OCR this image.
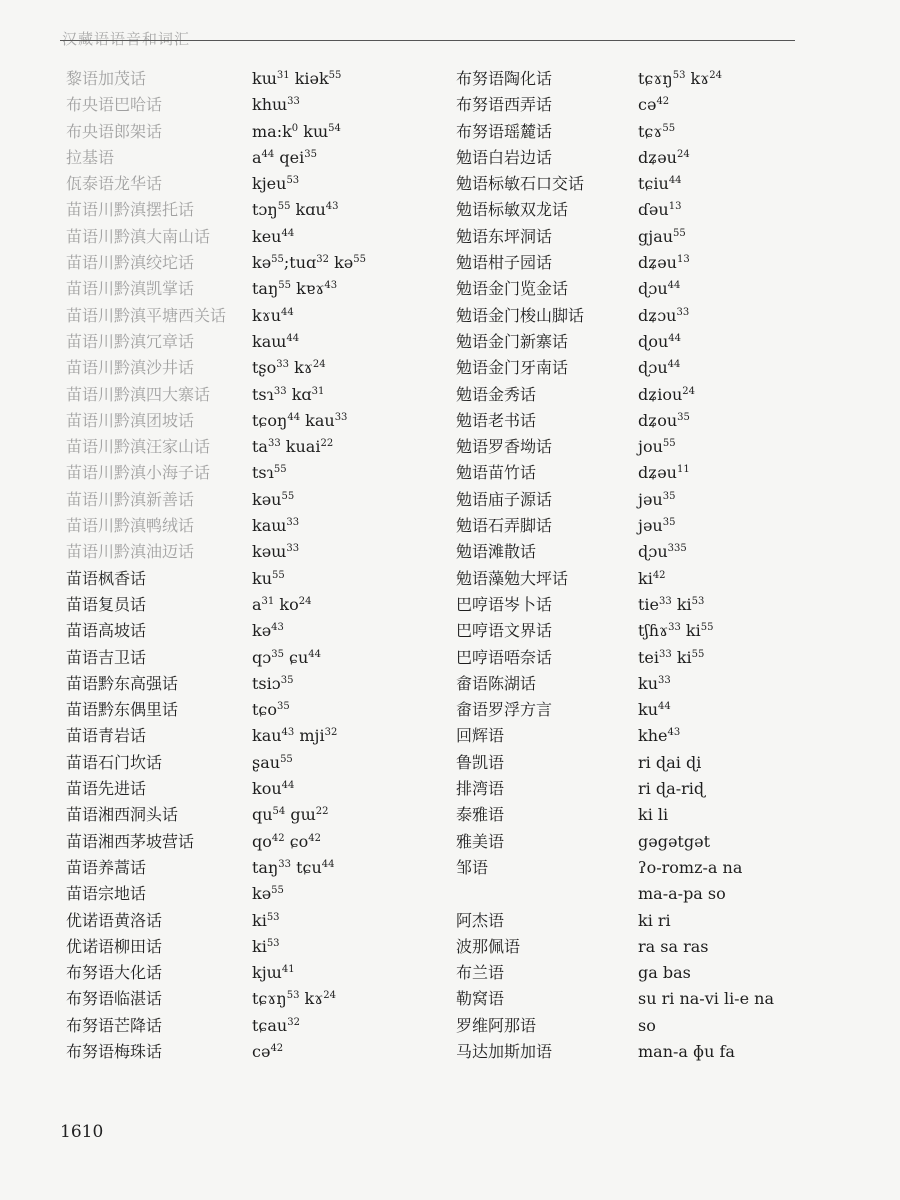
汉藏语语音和词汇
黎语加茂话	kɯ$^{31}$ kiək$^{55}$
布央语巴哈话	khɯ$^{33}$
布央语郎架话	$ma:k^0$ kɯ$^{54}$
拉基语	$a^{44}$ qei$^{35}$
佤泰语龙华话	kjeu$^{53}$
苗语川黔滇摆托话	tɔŋ$^{55}$ kɑu$^{43}$
苗语川黔滇大南山话	keu$^{44}$
苗语川黔滇绞坨话	kə$^{55}$;tuɑ$^{32}$ kə$^{55}$
苗语川黔滇凯掌话	taŋ$^{55}$ kɐɤ$^{43}$
苗语川黔滇平塘西关话	kɤu$^{44}$
苗语川黔滇冗章话	kaɯ$^{44}$
苗语川黔滇沙井话	tʂo$^{33}$ kɤ$^{24}$
苗语川黔滇四大寨话	tsɿ$^{33}$ kɑ$^{31}$
苗语川黔滇团坡话	tɕoŋ$^{44}$ kau$^{33}$
苗语川黔滇汪家山话	$ta^{33}$ kuai$^{22}$
苗语川黔滇小海子话	tsɿ$^{55}$
苗语川黔滇新善话	kəu$^{55}$
苗语川黔滇鸭绒话	kaɯ$^{33}$
苗语川黔滇油迈话	kəɯ$^{33}$
苗语枫香话	$ku^{55}$
苗语复员话	$a^{31}$ $ko^{24}$
苗语高坡话	kə$^{43}$
苗语吉卫话	qɔ$^{35}$ ɕu$^{44}$
苗语黔东高强话	tsiɔ$^{35}$
苗语黔东偶里话	tɕo$^{35}$
苗语青岩话	kau$^{43}$ mji$^{32}$
苗语石门坎话	ʂau$^{55}$
苗语先进话	kou$^{44}$
苗语湘西洞头话	$qu^{54}$ gɯ$^{22}$
苗语湘西茅坡营话	$qo^{42}$ ɕo$^{42}$
苗语养蒿话	taŋ$^{33}$ tɕu$^{44}$
苗语宗地话	kə$^{55}$
优诺语黄洛话	$ki^{53}$
优诺语柳田话	$ki^{53}$
布努语大化话	kjɯ$^{41}$
布努语临湛话	tɕɤŋ$^{53}$ kɤ$^{24}$
布努语芒降话	tɕau$^{32}$
布努语梅珠话	cə$^{42}$
布努语陶化话	tɕɤŋ$^{53}$ kɤ$^{24}$
布努语西弄话	cə$^{42}$
布努语瑶麓话	tɕɤ$^{55}$
勉语白岩边话	dʑəu$^{24}$
勉语标敏石口交话	tɕiu$^{44}$
勉语标敏双龙话	ɗəu$^{13}$
勉语东坪洞话	gjau$^{55}$
勉语柑子园话	dʑəu$^{13}$
勉语金门览金话	ɖɔu$^{44}$
勉语金门梭山脚话	dʑɔu$^{33}$
勉语金门新寨话	ɖou$^{44}$
勉语金门牙南话	ɖɔu$^{44}$
勉语金秀话	dʑiou$^{24}$
勉语老书话	dʑou$^{35}$
勉语罗香坳话	jou$^{55}$
勉语苗竹话	dʑəu$^{11}$
勉语庙子源话	jəu$^{35}$
勉语石弄脚话	jəu$^{35}$
勉语滩散话	ɖɔu$^{335}$
勉语藻勉大坪话	$ki^{42}$
巴哼语岑卜话	tie$^{33}$ $ki^{53}$
巴哼语文界话	tʃɦɤ$^{33}$ $ki^{55}$
巴哼语唔奈话	tei$^{33}$ $ki^{55}$
畲语陈湖话	$ku^{33}$
畲语罗浮方言	$ku^{44}$
回辉语	khe$^{43}$
鲁凯语	ri ɖai ɖi
排湾语	ri ɖa-riɖ
泰雅语	ki li
雅美语	gəgətgət
邹语	ʔo-romz-a na
ma-a-pa so
阿杰语	ki ri
波那佩语	ra sa ras
布兰语	ga bas
勒窝语	su ri na-vi li-e na
罗维阿那语	so
马达加斯加语	man-a ɸu fa
1610
